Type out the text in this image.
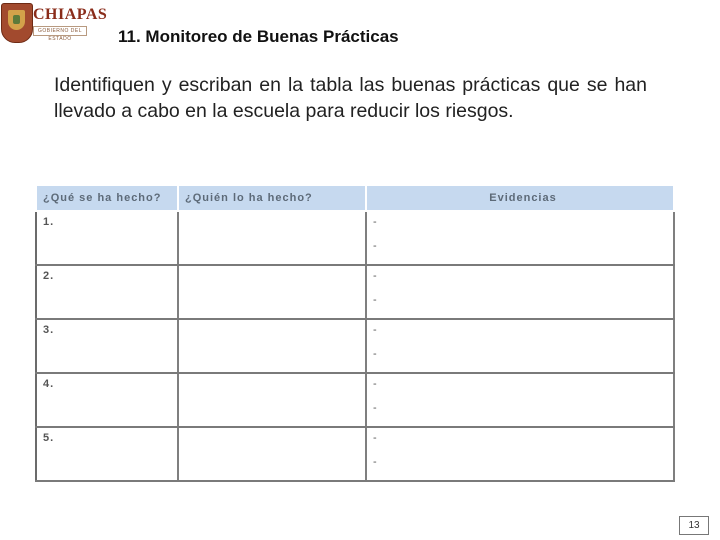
CHIAPAS
GOBIERNO DEL ESTADO	11. Monitoreo de Buenas Prácticas
Identifiquen y escriban en la tabla las buenas prácticas que se han llevado a cabo en la escuela para reducir los riesgos.
¿Qué se ha hecho?	¿Quién lo ha hecho?	Evidencias
1.		-
-

2.		-
-

3.		-
-

4.		-
-

5.		-
-
13
